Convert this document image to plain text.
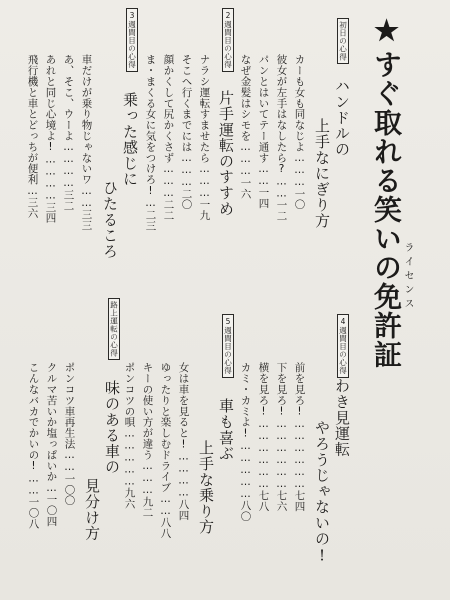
★
すぐ取れる笑いの免許証 ライセンス
初日の心得
ハンドルの
上手なにぎり方
カーも女も同なじよ………一〇
彼女が左手はなしたら?……一二
パンとはいてテー通す……一四
なぜ金髪はシモを………一六
2週間目の心得
片手運転のすすめ
ナラシ運転すませたら………一九
そこへ行くまでには………二〇
顔かくして尻かくさず………二二
ま・まくる女に気をつけろ!…二三
3週間目の心得
乗った感じに
ひたるころ
車だけが乗り物じゃないワ……三三
あ、そこ、ウーよ…………三二
あれと同じ心境よ!…………三四
飛行機と車とどっちが便利…三六
4週間目の心得
わき見運転
やろうじゃないの!
前を見ろ!………………七四
下を見ろ!………………七六
横を見ろ!………………七八
カミ・カミよ!……………八〇
5週間目の心得
車も喜ぶ
上手な乗り方
女は車を見ると!…………八四
ゆったりと楽しむドライブ……八八
キーの使い方が違う………九二
ポンコツの唄……………九六
路上運転の心得
味のある車の
見分け方
ポンコツ車再生法……一〇〇
クルマ苦いか塩っぱいか…一〇四
こんなバカでかいの!……一〇八
